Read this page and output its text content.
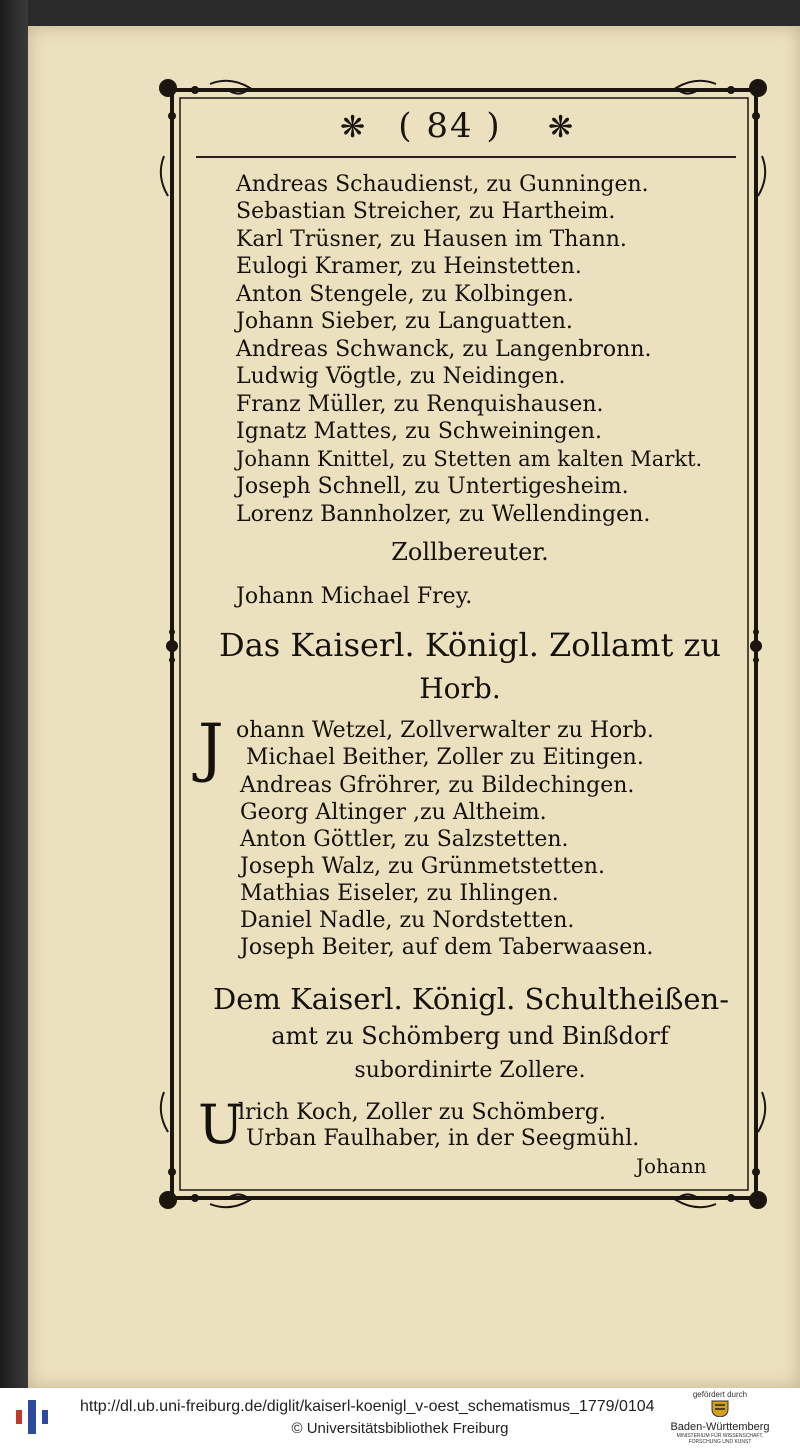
❋ ( 84 )	❋
Andreas Schaudienst, zu Gunningen.
Sebastian Streicher, zu Hartheim.
Karl Trüsner, zu Hausen im Thann.
Eulogi Kramer, zu Heinstetten.
Anton Stengele, zu Kolbingen.
Johann Sieber, zu Languatten.
Andreas Schwanck, zu Langenbronn.
Ludwig Vögtle, zu Neidingen.
Franz Müller, zu Renquishausen.
Ignatz Mattes, zu Schweiningen.
Johann Knittel, zu Stetten am kalten Markt.
Joseph Schnell, zu Untertigesheim.
Lorenz Bannholzer, zu Wellendingen.
Zollbereuter.
Johann Michael Frey.
Das Kaiserl. Königl. Zollamt zu
Horb.
J ohann Wetzel, Zollverwalter zu Horb.
Michael Beither, Zoller zu Eitingen.
Andreas Gfröhrer, zu Bildechingen.
Georg Altinger ,zu Altheim.
Anton Göttler, zu Salzstetten.
Joseph Walz, zu Grünmetstetten.
Mathias Eiseler, zu Ihlingen.
Daniel Nadle, zu Nordstetten.
Joseph Beiter, auf dem Taberwaasen.
Dem Kaiserl. Königl. Schultheißen-
amt zu Schömberg und Binßdorf
subordinirte Zollere.
U
lrich Koch, Zoller zu Schömberg.
Urban Faulhaber, in der Seegmühl.
Johann
http://dl.ub.uni-freiburg.de/diglit/kaiserl-koenigl_v-oest_schematismus_1779/0104
© Universitätsbibliothek Freiburg
gefördert durch
Baden-Württemberg
MINISTERIUM FÜR WISSENSCHAFT, FORSCHUNG UND KUNST
